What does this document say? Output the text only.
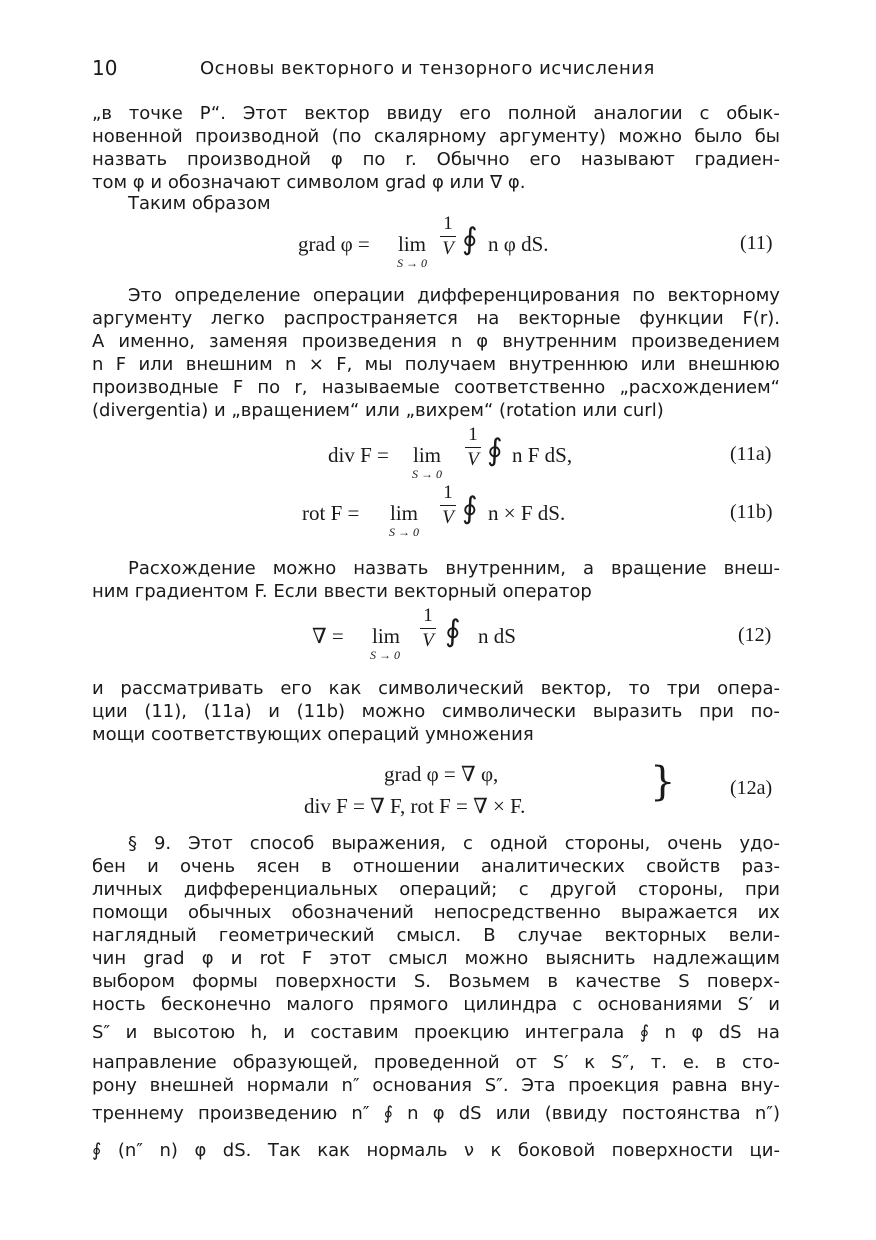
10	Основы векторного и тензорного исчисления
„в точке P“. Этот вектор ввиду его полной аналогии с обык-
новенной производной (по скалярному аргументу) можно было бы
назвать производной φ по r. Обычно его называют градиен-
том φ и обозначают символом grad φ или ∇ φ.
Таким образом
grad φ = lim
S → 0
1
V ∮ n φ dS.	(11)
Это определение операции дифференцирования по векторному
аргументу легко распространяется на векторные функции F(r).
А именно, заменяя произведения n φ внутренним произведением
n F или внешним n × F, мы получаем внутреннюю или внешнюю
производные F по r, называемые соответственно „расхождением“
(divergentia) и „вращением“ или „вихрем“ (rotation или curl)
div F = lim
S → 0
1
V ∮ n F dS,	(11a)
rot F = lim
S → 0
1
V ∮ n × F dS.	(11b)
Расхождение можно назвать внутренним, а вращение внеш-
ним градиентом F. Если ввести векторный оператор
∇ = lim
S → 0
1
V ∮ n dS	(12)
и рассматривать его как символический вектор, то три опера-
ции (11), (11a) и (11b) можно символически выразить при по-
мощи соответствующих операций умножения
grad φ = ∇ φ,
div F = ∇ F, rot F = ∇ × F.
}	(12a)
§ 9. Этот способ выражения, с одной стороны, очень удо-
бен и очень ясен в отношении аналитических свойств раз-
личных дифференциальных операций; с другой стороны, при
помощи обычных обозначений непосредственно выражается их
наглядный геометрический смысл. В случае векторных вели-
чин grad φ и rot F этот смысл можно выяснить надлежащим
выбором формы поверхности S. Возьмем в качестве S поверх-
ность бесконечно малого прямого цилиндра с основаниями S′ и
S″ и высотою h, и составим проекцию интеграла ∮ n φ dS на
направление образующей, проведенной от S′ к S″, т. е. в сто-
рону внешней нормали n″ основания S″. Эта проекция равна вну-
треннему произведению n″ ∮ n φ dS или (ввиду постоянства n″)
∮ (n″ n) φ dS. Так как нормаль ν к боковой поверхности ци-
